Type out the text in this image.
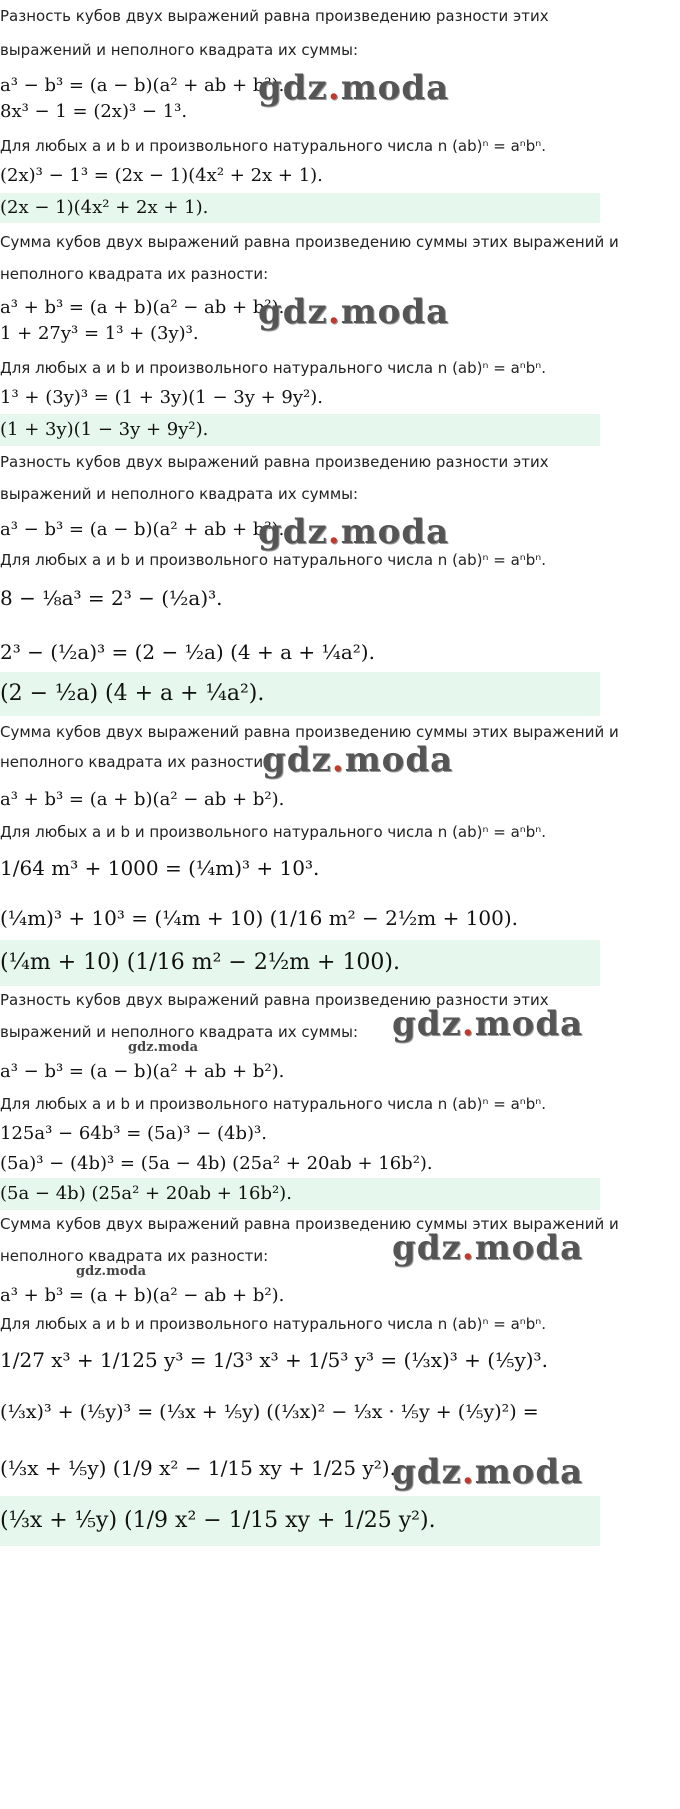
Разность кубов двух выражений равна произведению разности этих
выражений и неполного квадрата их суммы:
a³ − b³ = (a − b)(a² + ab + b²).
8x³ − 1 = (2x)³ − 1³.
Для любых a и b и произвольного натурального числа n (ab)ⁿ = aⁿbⁿ.
(2x)³ − 1³ = (2x − 1)(4x² + 2x + 1).
(2x − 1)(4x² + 2x + 1).
Сумма кубов двух выражений равна произведению суммы этих выражений и
неполного квадрата их разности:
a³ + b³ = (a + b)(a² − ab + b²).
1 + 27y³ = 1³ + (3y)³.
Для любых a и b и произвольного натурального числа n (ab)ⁿ = aⁿbⁿ.
1³ + (3y)³ = (1 + 3y)(1 − 3y + 9y²).
(1 + 3y)(1 − 3y + 9y²).
Разность кубов двух выражений равна произведению разности этих
выражений и неполного квадрата их суммы:
a³ − b³ = (a − b)(a² + ab + b²).
Для любых a и b и произвольного натурального числа n (ab)ⁿ = aⁿbⁿ.
8 − ⅛a³ = 2³ − (½a)³.
2³ − (½a)³ = (2 − ½a) (4 + a + ¼a²).
(2 − ½a) (4 + a + ¼a²).
Сумма кубов двух выражений равна произведению суммы этих выражений и
неполного квадрата их разности:
a³ + b³ = (a + b)(a² − ab + b²).
Для любых a и b и произвольного натурального числа n (ab)ⁿ = aⁿbⁿ.
1/64 m³ + 1000 = (¼m)³ + 10³.
(¼m)³ + 10³ = (¼m + 10) (1/16 m² − 2½m + 100).
(¼m + 10) (1/16 m² − 2½m + 100).
Разность кубов двух выражений равна произведению разности этих
выражений и неполного квадрата их суммы:
a³ − b³ = (a − b)(a² + ab + b²).
Для любых a и b и произвольного натурального числа n (ab)ⁿ = aⁿbⁿ.
125a³ − 64b³ = (5a)³ − (4b)³.
(5a)³ − (4b)³ = (5a − 4b) (25a² + 20ab + 16b²).
(5a − 4b) (25a² + 20ab + 16b²).
Сумма кубов двух выражений равна произведению суммы этих выражений и
неполного квадрата их разности:
a³ + b³ = (a + b)(a² − ab + b²).
Для любых a и b и произвольного натурального числа n (ab)ⁿ = aⁿbⁿ.
1/27 x³ + 1/125 y³ = 1/3³ x³ + 1/5³ y³ = (⅓x)³ + (⅕y)³.
(⅓x)³ + (⅕y)³ = (⅓x + ⅕y) ((⅓x)² − ⅓x · ⅕y + (⅕y)²) =
(⅓x + ⅕y) (1/9 x² − 1/15 xy + 1/25 y²).
(⅓x + ⅕y) (1/9 x² − 1/15 xy + 1/25 y²).
gdz.moda
gdz.moda
gdz.moda
gdz.moda
gdz.moda
gdz.moda
gdz.moda
gdz.moda
gdz.moda
